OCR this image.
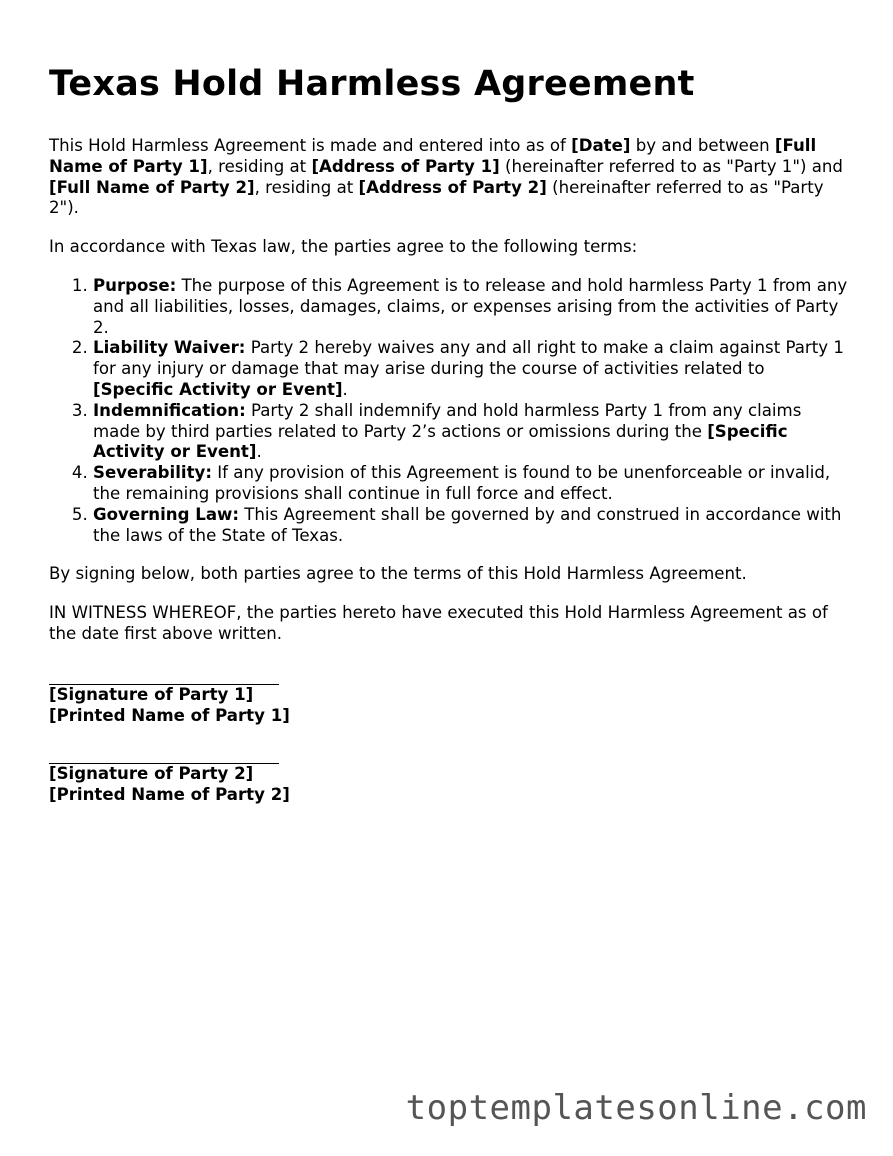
Texas Hold Harmless Agreement

This Hold Harmless Agreement is made and entered into as of [Date] by and between [Full Name of Party 1], residing at [Address of Party 1] (hereinafter referred to as "Party 1") and [Full Name of Party 2], residing at [Address of Party 2] (hereinafter referred to as "Party 2").

In accordance with Texas law, the parties agree to the following terms:

1. Purpose: The purpose of this Agreement is to release and hold harmless Party 1 from any and all liabilities, losses, damages, claims, or expenses arising from the activities of Party 2.
2. Liability Waiver: Party 2 hereby waives any and all right to make a claim against Party 1 for any injury or damage that may arise during the course of activities related to [Specific Activity or Event].
3. Indemnification: Party 2 shall indemnify and hold harmless Party 1 from any claims made by third parties related to Party 2’s actions or omissions during the [Specific Activity or Event].
4. Severability: If any provision of this Agreement is found to be unenforceable or invalid, the remaining provisions shall continue in full force and effect.
5. Governing Law: This Agreement shall be governed by and construed in accordance with the laws of the State of Texas.

By signing below, both parties agree to the terms of this Hold Harmless Agreement.

IN WITNESS WHEREOF, the parties hereto have executed this Hold Harmless Agreement as of the date first above written.

[Signature of Party 1]
[Printed Name of Party 1]
[Signature of Party 2]
[Printed Name of Party 2]
toptemplatesonline.com
